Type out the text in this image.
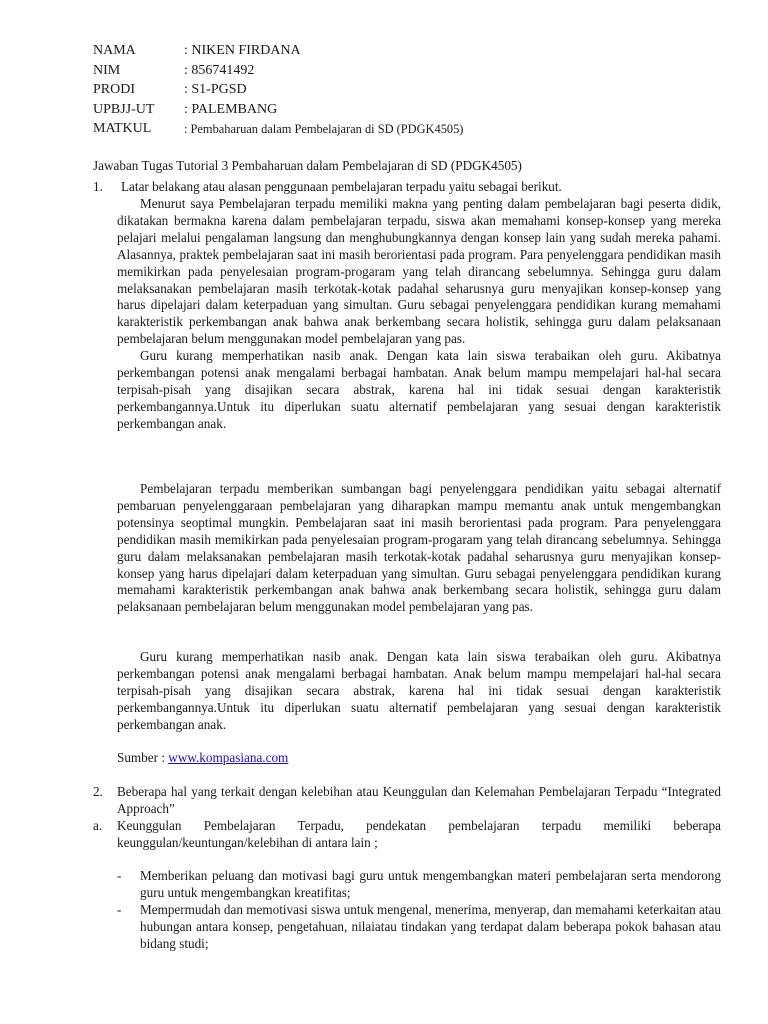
NAMA	: NIKEN FIRDANA
NIM	: 856741492
PRODI	: S1-PGSD
UPBJJ-UT : PALEMBANG
MATKUL	: Pembaharuan dalam Pembelajaran di SD (PDGK4505)
Jawaban Tugas Tutorial 3 Pembaharuan dalam Pembelajaran di SD (PDGK4505)
1. Latar belakang atau alasan penggunaan pembelajaran terpadu yaitu sebagai berikut.

Menurut saya Pembelajaran terpadu memiliki makna yang penting dalam pembelajaran bagi peserta didik, dikatakan bermakna karena dalam pembelajaran terpadu, siswa akan memahami konsep-konsep yang mereka pelajari melalui pengalaman langsung dan menghubungkannya dengan konsep lain yang sudah mereka pahami. Alasannya, praktek pembelajaran saat ini masih berorientasi pada program. Para penyelenggara pendidikan masih memikirkan pada penyelesaian program-progaram yang telah dirancang sebelumnya. Sehingga guru dalam melaksanakan pembelajaran masih terkotak-kotak padahal seharusnya guru menyajikan konsep-konsep yang harus dipelajari dalam keterpaduan yang simultan. Guru sebagai penyelenggara pendidikan kurang memahami karakteristik perkembangan anak bahwa anak berkembang secara holistik, sehingga guru dalam pelaksanaan pembelajaran belum menggunakan model pembelajaran yang pas.

Guru kurang memperhatikan nasib anak. Dengan kata lain siswa terabaikan oleh guru. Akibatnya perkembangan potensi anak mengalami berbagai hambatan. Anak belum mampu mempelajari hal-hal secara terpisah-pisah yang disajikan secara abstrak, karena hal ini tidak sesuai dengan karakteristik perkembangannya.Untuk itu diperlukan suatu alternatif pembelajaran yang sesuai dengan karakteristik perkembangan anak.

Pembelajaran terpadu memberikan sumbangan bagi penyelenggara pendidikan yaitu sebagai alternatif pembaruan penyelenggaraan pembelajaran yang diharapkan mampu memantu anak untuk mengembangkan potensinya seoptimal mungkin. Pembelajaran saat ini masih berorientasi pada program. Para penyelenggara pendidikan masih memikirkan pada penyelesaian program-progaram yang telah dirancang sebelumnya. Sehingga guru dalam melaksanakan pembelajaran masih terkotak-kotak padahal seharusnya guru menyajikan konsep-konsep yang harus dipelajari dalam keterpaduan yang simultan. Guru sebagai penyelenggara pendidikan kurang memahami karakteristik perkembangan anak bahwa anak berkembang secara holistik, sehingga guru dalam pelaksanaan pembelajaran belum menggunakan model pembelajaran yang pas.

Guru kurang memperhatikan nasib anak. Dengan kata lain siswa terabaikan oleh guru. Akibatnya perkembangan potensi anak mengalami berbagai hambatan. Anak belum mampu mempelajari hal-hal secara terpisah-pisah yang disajikan secara abstrak, karena hal ini tidak sesuai dengan karakteristik perkembangannya.Untuk itu diperlukan suatu alternatif pembelajaran yang sesuai dengan karakteristik perkembangan anak.

Sumber : www.kompasiana.com
2. Beberapa hal yang terkait dengan kelebihan atau Keunggulan dan Kelemahan Pembelajaran Terpadu “Integrated Approach”
a. Keunggulan Pembelajaran Terpadu, pendekatan pembelajaran terpadu memiliki beberapa keunggulan/keuntungan/kelebihan di antara lain ;
- Memberikan peluang dan motivasi bagi guru untuk mengembangkan materi pembelajaran serta mendorong guru untuk mengembangkan kreatifitas;
- Mempermudah dan memotivasi siswa untuk mengenal, menerima, menyerap, dan memahami keterkaitan atau hubungan antara konsep, pengetahuan, nilaiatau tindakan yang terdapat dalam beberapa pokok bahasan atau bidang studi;
